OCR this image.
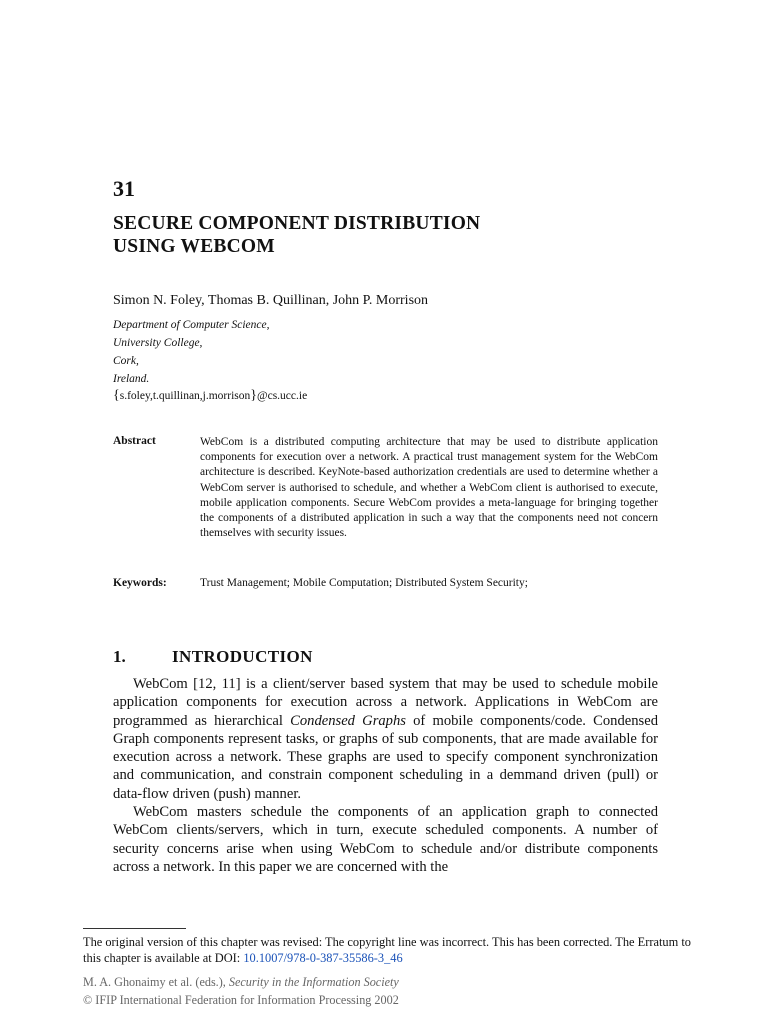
31
SECURE COMPONENT DISTRIBUTION
USING WEBCOM
Simon N. Foley, Thomas B. Quillinan, John P. Morrison
Department of Computer Science,
University College,
Cork,
Ireland.
{s.foley,t.quillinan,j.morrison}@cs.ucc.ie
Abstract	WebCom is a distributed computing architecture that may be used to distribute application components for execution over a network. A practical trust management system for the WebCom architecture is described. KeyNote-based authorization credentials are used to determine whether a WebCom server is authorised to schedule, and whether a WebCom client is authorised to execute, mobile application components. Secure WebCom provides a meta-language for bringing together the components of a distributed application in such a way that the components need not concern themselves with security issues.
Keywords:	Trust Management; Mobile Computation; Distributed System Security;
1.	INTRODUCTION

WebCom [12, 11] is a client/server based system that may be used to schedule mobile application components for execution across a network. Applications in WebCom are programmed as hierarchical Condensed Graphs of mobile components/code. Condensed Graph components represent tasks, or graphs of sub components, that are made available for execution across a network. These graphs are used to specify component synchronization and communication, and constrain component scheduling in a demmand driven (pull) or data-flow driven (push) manner.

WebCom masters schedule the components of an application graph to connected WebCom clients/servers, which in turn, execute scheduled components. A number of security concerns arise when using WebCom to schedule and/or distribute components across a network. In this paper we are concerned with the

The original version of this chapter was revised: The copyright line was incorrect. This has been corrected. The Erratum to this chapter is available at DOI: 10.1007/978-0-387-35586-3_46
M. A. Ghonaimy et al. (eds.), Security in the Information Society
© IFIP International Federation for Information Processing 2002
